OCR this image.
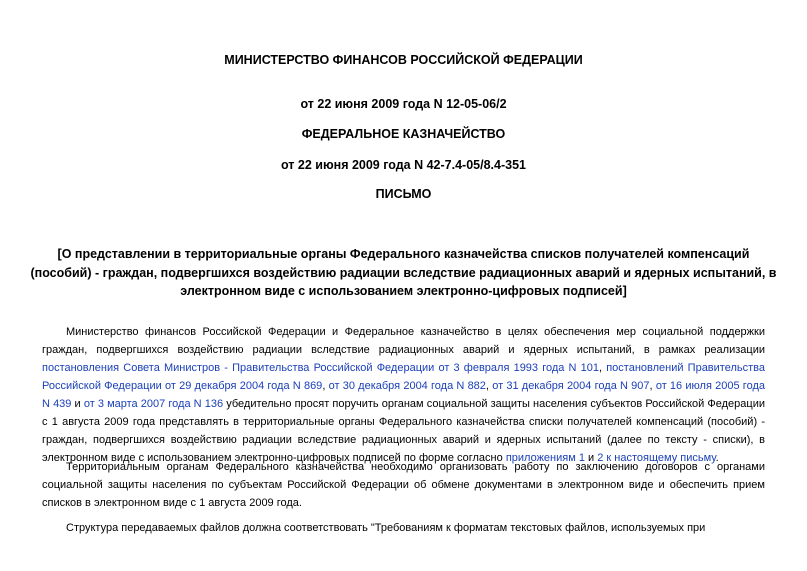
МИНИСТЕРСТВО ФИНАНСОВ РОССИЙСКОЙ ФЕДЕРАЦИИ
от 22 июня 2009 года N 12-05-06/2
ФЕДЕРАЛЬНОЕ КАЗНАЧЕЙСТВО
от 22 июня 2009 года N 42-7.4-05/8.4-351
ПИСЬМО
[О представлении в территориальные органы Федерального казначейства списков получателей компенсаций (пособий) - граждан, подвергшихся воздействию радиации вследствие радиационных аварий и ядерных испытаний, в электронном виде с использованием электронно-цифровых подписей]

Министерство финансов Российской Федерации и Федеральное казначейство в целях обеспечения мер социальной поддержки граждан, подвергшихся воздействию радиации вследствие радиационных аварий и ядерных испытаний, в рамках реализации постановления Совета Министров - Правительства Российской Федерации от 3 февраля 1993 года N 101, постановлений Правительства Российской Федерации от 29 декабря 2004 года N 869, от 30 декабря 2004 года N 882, от 31 декабря 2004 года N 907, от 16 июля 2005 года N 439 и от 3 марта 2007 года N 136 убедительно просят поручить органам социальной защиты населения субъектов Российской Федерации с 1 августа 2009 года представлять в территориальные органы Федерального казначейства списки получателей компенсаций (пособий) - граждан, подвергшихся воздействию радиации вследствие радиационных аварий и ядерных испытаний (далее по тексту - списки), в электронном виде с использованием электронно-цифровых подписей по форме согласно приложениям 1 и 2 к настоящему письму.

Территориальным органам Федерального казначейства необходимо организовать работу по заключению договоров с органами социальной защиты населения по субъектам Российской Федерации об обмене документами в электронном виде и обеспечить прием списков в электронном виде с 1 августа 2009 года.

Структура передаваемых файлов должна соответствовать "Требованиям к форматам текстовых файлов, используемых при
